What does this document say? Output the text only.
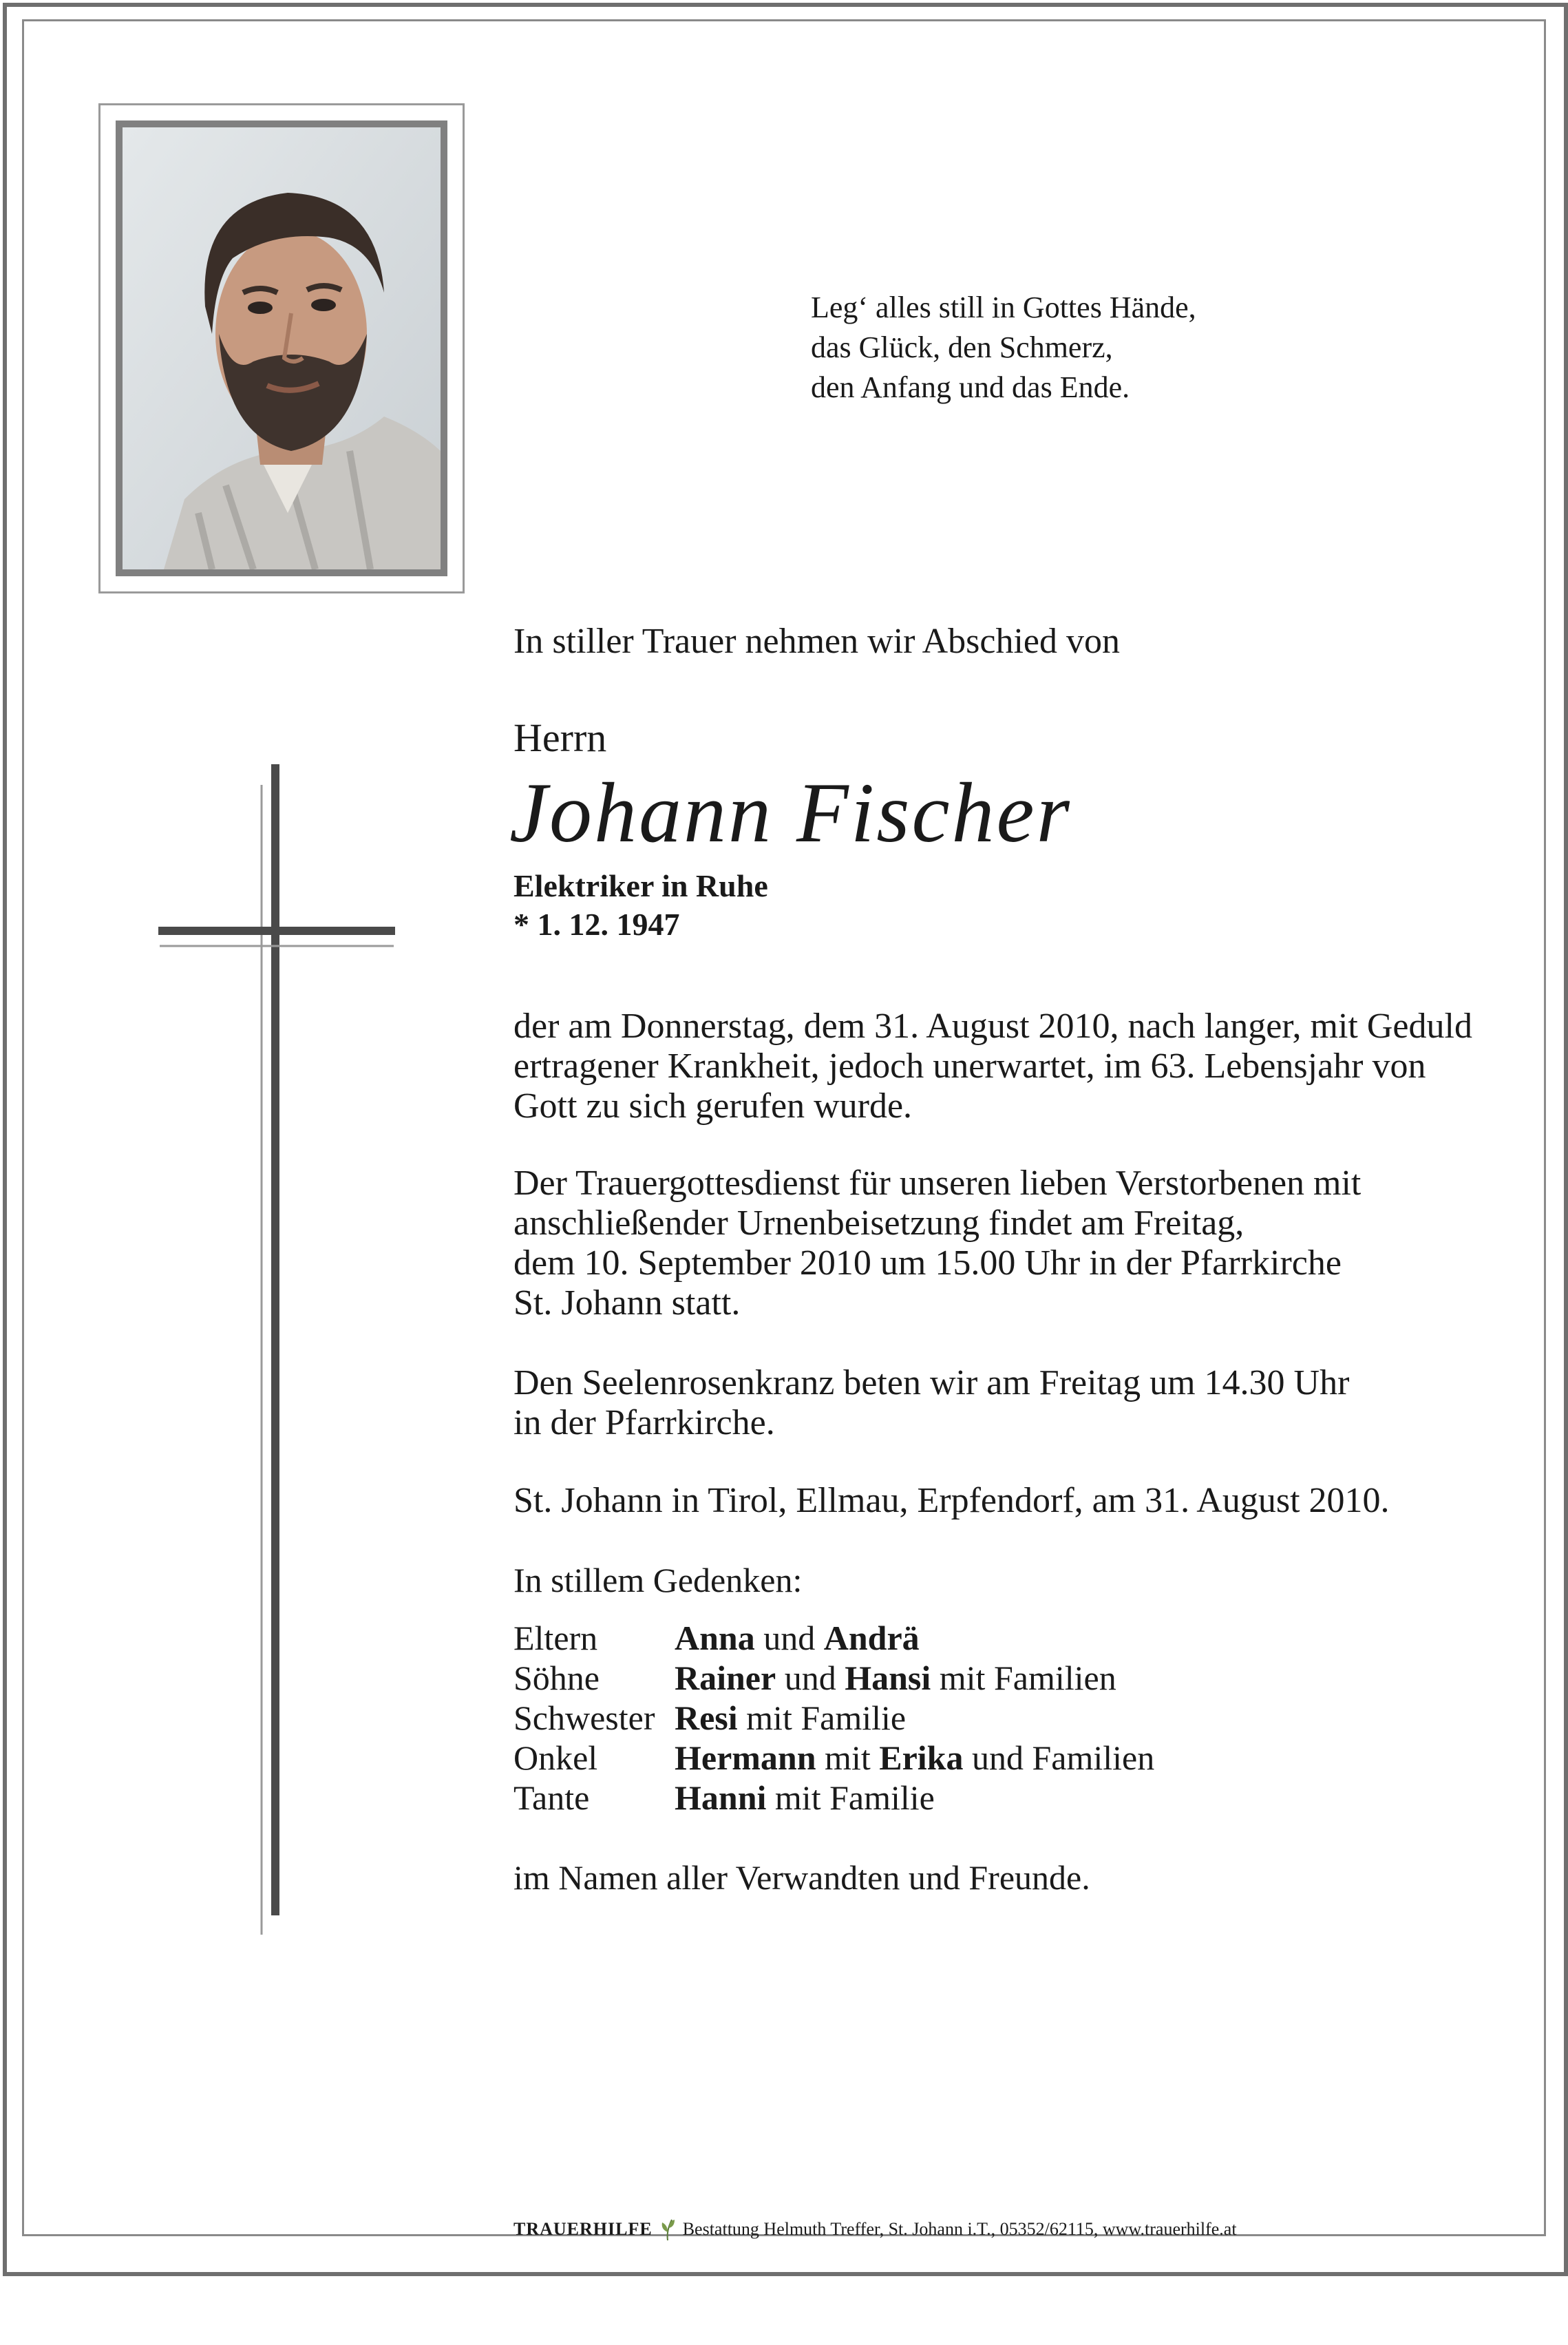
Leg‘ alles still in Gottes Hände,
das Glück, den Schmerz,
den Anfang und das Ende.
In stiller Trauer nehmen wir Abschied von
Herrn
Johann Fischer
Elektriker in Ruhe
* 1. 12. 1947
der am Donnerstag, dem 31. August 2010, nach langer, mit Geduld
ertragener Krankheit, jedoch unerwartet, im 63. Lebensjahr von
Gott zu sich gerufen wurde.
Der Trauergottesdienst für unseren lieben Verstorbenen mit
anschließender Urnenbeisetzung findet am Freitag,
dem 10. September 2010 um 15.00 Uhr in der Pfarrkirche
St. Johann statt.
Den Seelenrosenkranz beten wir am Freitag um 14.30 Uhr
in der Pfarrkirche.
St. Johann in Tirol, Ellmau, Erpfendorf, am 31. August 2010.
In stillem Gedenken:
Eltern	Anna und Andrä
Söhne	Rainer und Hansi mit Familien
Schwester Resi mit Familie
Onkel	Hermann mit Erika und Familien
Tante	Hanni mit Familie
im Namen aller Verwandten und Freunde.
TRAUERHILFE Bestattung Helmuth Treffer, St. Johann i.T., 05352/62115, www.trauerhilfe.at
